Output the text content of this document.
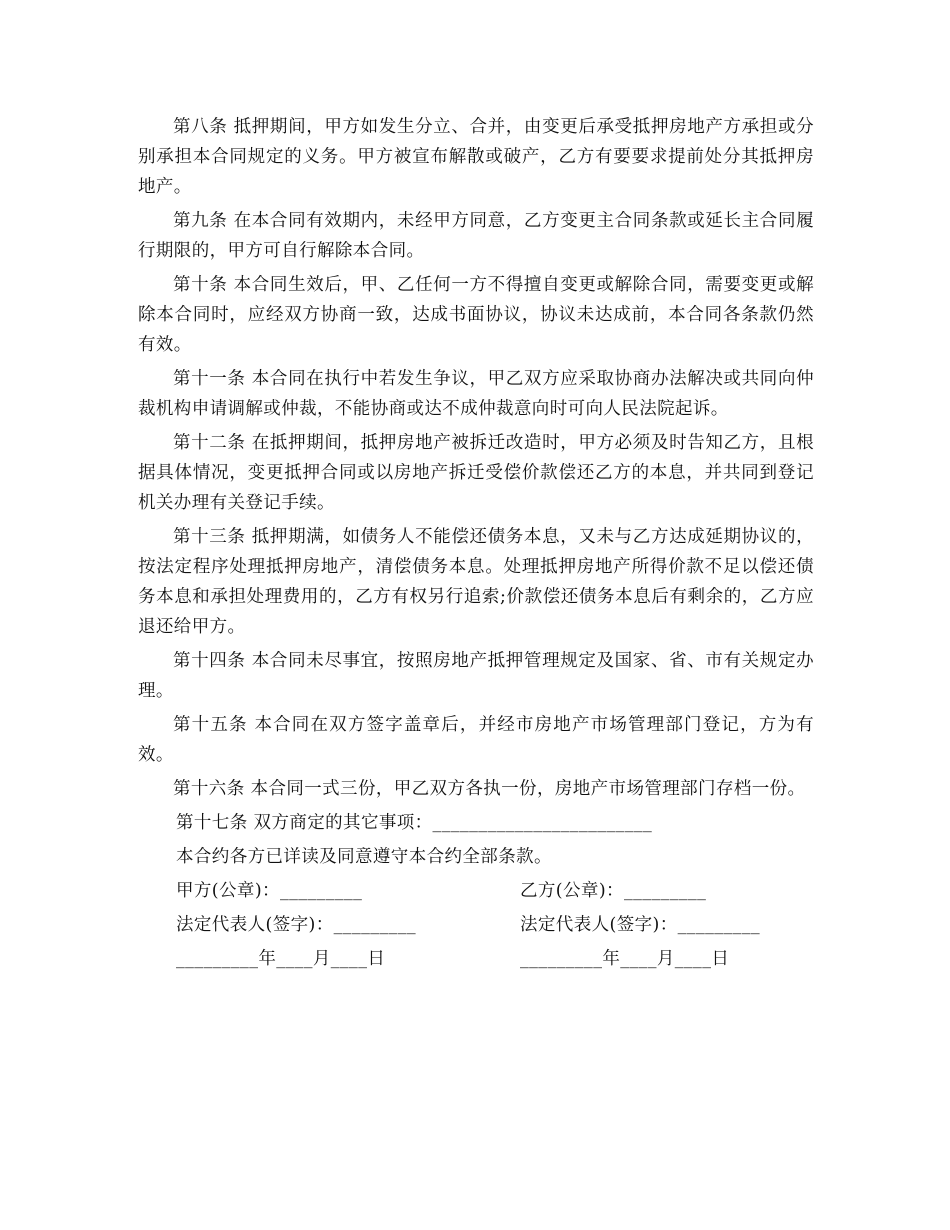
第八条 抵押期间，甲方如发生分立、合并，由变更后承受抵押房地产方承担或分别承担本合同规定的义务。甲方被宣布解散或破产，乙方有要要求提前处分其抵押房地产。

第九条 在本合同有效期内，未经甲方同意，乙方变更主合同条款或延长主合同履行期限的，甲方可自行解除本合同。

第十条 本合同生效后，甲、乙任何一方不得擅自变更或解除合同，需要变更或解除本合同时，应经双方协商一致，达成书面协议，协议未达成前，本合同各条款仍然有效。

第十一条 本合同在执行中若发生争议，甲乙双方应采取协商办法解决或共同向仲裁机构申请调解或仲裁，不能协商或达不成仲裁意向时可向人民法院起诉。

第十二条 在抵押期间，抵押房地产被拆迁改造时，甲方必须及时告知乙方，且根据具体情况，变更抵押合同或以房地产拆迁受偿价款偿还乙方的本息，并共同到登记机关办理有关登记手续。

第十三条 抵押期满，如债务人不能偿还债务本息，又未与乙方达成延期协议的，按法定程序处理抵押房地产，清偿债务本息。处理抵押房地产所得价款不足以偿还债务本息和承担处理费用的，乙方有权另行追索;价款偿还债务本息后有剩余的，乙方应退还给甲方。

第十四条 本合同未尽事宜，按照房地产抵押管理规定及国家、省、市有关规定办理。

第十五条 本合同在双方签字盖章后，并经市房地产市场管理部门登记，方为有效。

第十六条 本合同一式三份，甲乙双方各执一份，房地产市场管理部门存档一份。

第十七条 双方商定的其它事项：________________________
本合约各方已详读及同意遵守本合约全部条款。
甲方(公章)：_________	乙方(公章)：_________
法定代表人(签字)：_________	法定代表人(签字)：_________
_________年____月____日	_________年____月____日
